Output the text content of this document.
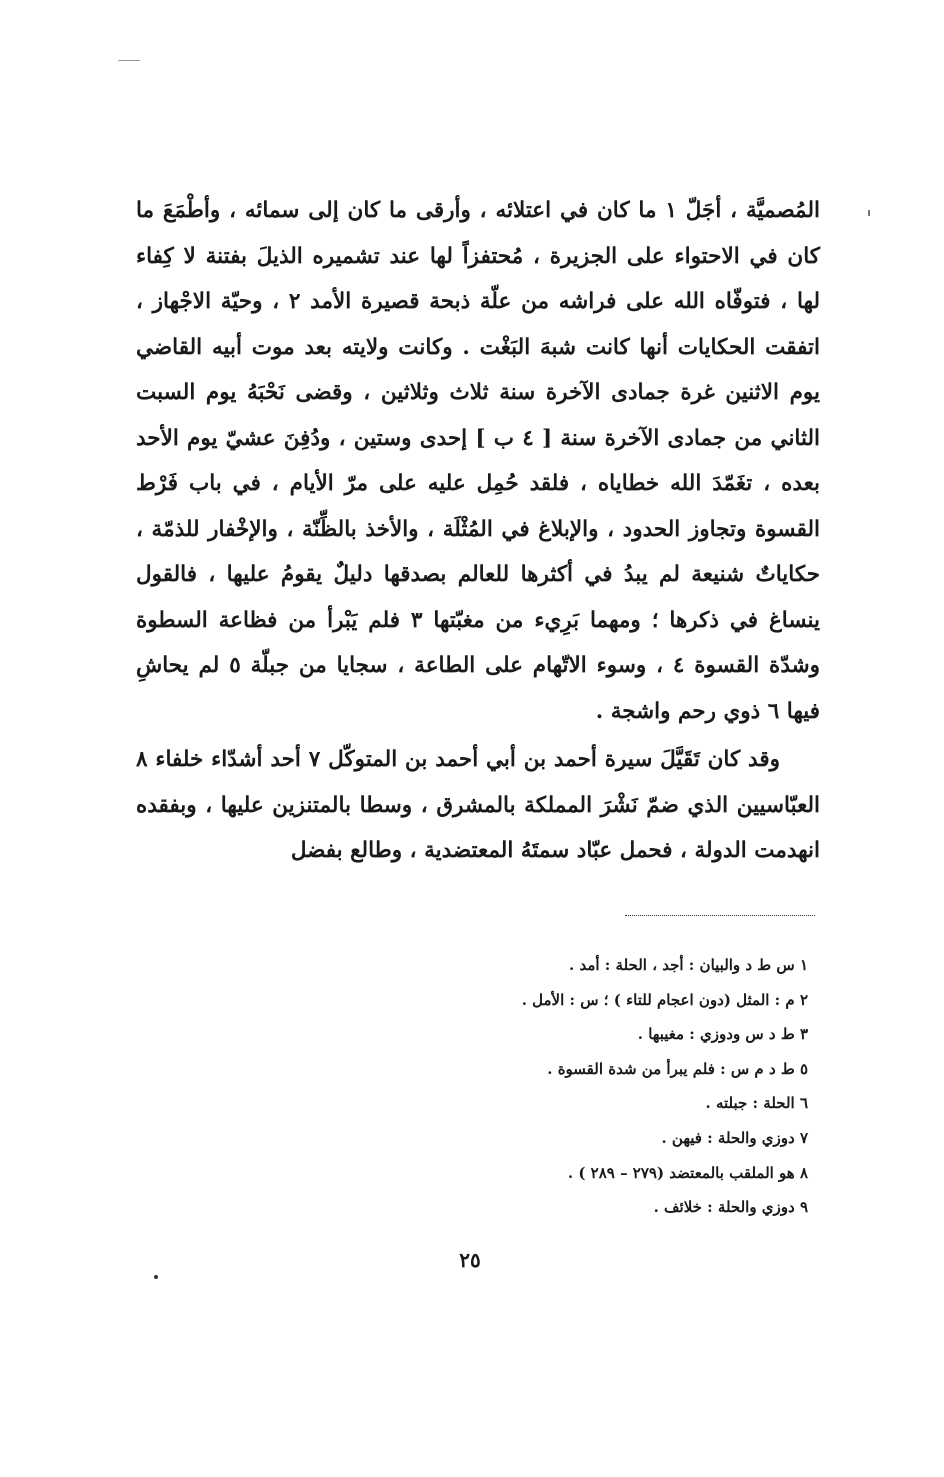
المُصميَّة ، أجَلّ ١ ما كان في اعتلائه ، وأرقى ما كان إلى سمائه ، وأطْمَعَ ما كان في الاحتواء على الجزيرة ، مُحتفزاً لها عند تشميره الذيلَ بفتنة لا كِفاء لها ، فتوفّاه الله على فراشه من علّة ذبحة قصيرة الأمد ٢ ، وحيّة الاجْهاز ، اتفقت الحكايات أنها كانت شبهَ البَغْت . وكانت ولايته بعد موت أبيه القاضي يوم الاثنين غرة جمادى الآخرة سنة ثلاث وثلاثين ، وقضى نَحْبَهُ يوم السبت الثاني من جمادى الآخرة سنة [ ٤ ب ] إحدى وستين ، ودُفِنَ عشيّ يوم الأحد بعده ، تغَمّدَ الله خطاياه ، فلقد حُمِل عليه على مرّ الأيام ، في باب فَرْط القسوة وتجاوز الحدود ، والإبلاغ في المُثْلَة ، والأخذ بالظِّنّة ، والإخْفار للذمّة ، حكاياتٌ شنيعة لم يبدُ في أكثرها للعالم بصدقها دليلٌ يقومُ عليها ، فالقول ينساغ في ذكرها ؛ ومهما بَرِيء من مغبّتها ٣ فلم يَبْرأ من فظاعة السطوة وشدّة القسوة ٤ ، وسوء الاتّهام على الطاعة ، سجايا من جبلّة ٥ لم يحاشِ فيها ٦ ذوي رحم واشجة .

وقد كان تَقَيَّلَ سيرة أحمد بن أبي أحمد بن المتوكّل ٧ أحد أشدّاء خلفاء ٨ العبّاسيين الذي ضمّ نَشْرَ المملكة بالمشرق ، وسطا بالمتنزين عليها ، وبفقده انهدمت الدولة ، فحمل عبّاد سمتَهُ المعتضدية ، وطالع بفضل

١ س ط د والبيان : أجد ، الحلة : أمد .
٢ م : المثل (دون اعجام للتاء ) ؛ س : الأمل .
٣ ط د س ودوزي : مغيبها .
٥ ط د م س : فلم يبرأ من شدة القسوة .
٦ الحلة : جبلته .
٧ دوزي والحلة : فيهن .
٨ هو الملقب بالمعتضد (٢٧٩ – ٢٨٩ ) .
٩ دوزي والحلة : خلائف .
٢٥
